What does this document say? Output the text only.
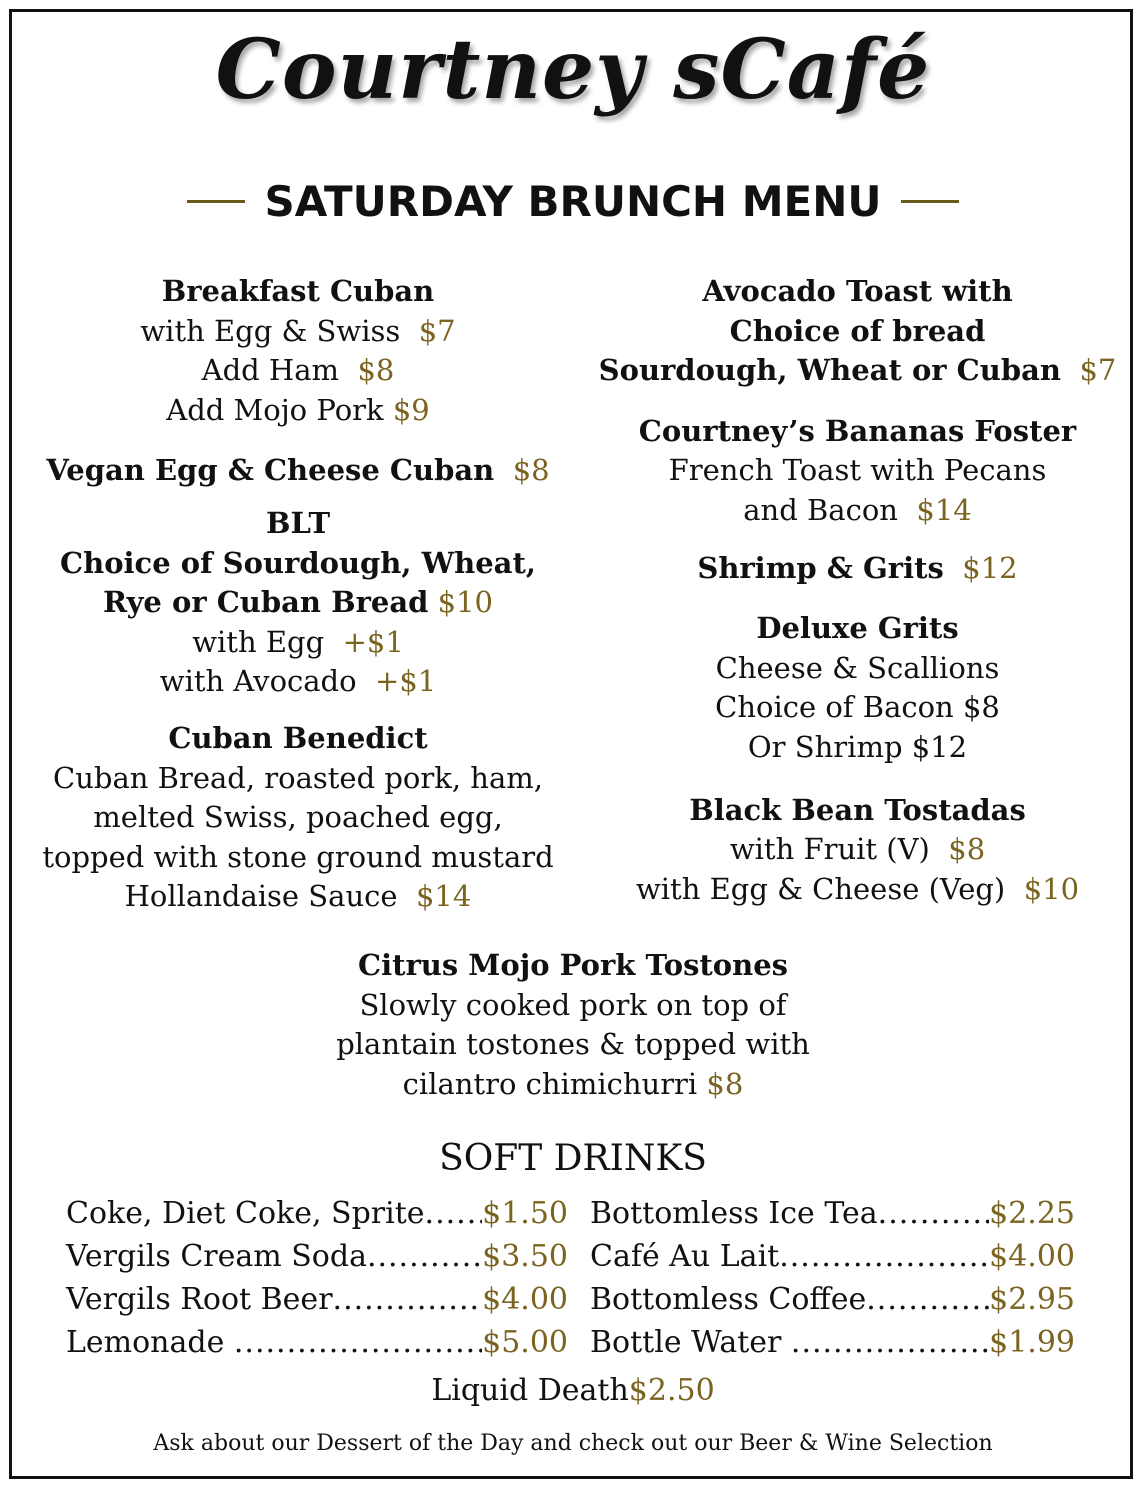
Courtney sCafé
SATURDAY BRUNCH MENU
Breakfast Cuban
with Egg & Swiss $7
Add Ham $8
Add Mojo Pork $9
Vegan Egg & Cheese Cuban $8
BLT
Choice of Sourdough, Wheat,
Rye or Cuban Bread $10
with Egg +$1
with Avocado +$1
Cuban Benedict
Cuban Bread, roasted pork, ham,
melted Swiss, poached egg,
topped with stone ground mustard
Hollandaise Sauce $14
Avocado Toast with
Choice of bread
Sourdough, Wheat or Cuban $7
Courtney’s Bananas Foster
French Toast with Pecans
and Bacon $14
Shrimp & Grits $12
Deluxe Grits
Cheese & Scallions
Choice of Bacon $8
Or Shrimp $12
Black Bean Tostadas
with Fruit (V) $8
with Egg & Cheese (Veg) $10
Citrus Mojo Pork Tostones
Slowly cooked pork on top of
plantain tostones & topped with
cilantro chimichurri $8
SOFT DRINKS
Coke, Diet Coke, Sprite ..... $1.50
Vergils Cream Soda .....	$3.50
Vergils Root Beer .....	$4.00
Lemonade .....	$5.00
Bottomless Ice Tea .....	$2.25
Café Au Lait .....	$4.00
Bottomless Coffee .....	$2.95
Bottle Water .....	$1.99
Liquid Death$2.50
Ask about our Dessert of the Day and check out our Beer & Wine Selection
